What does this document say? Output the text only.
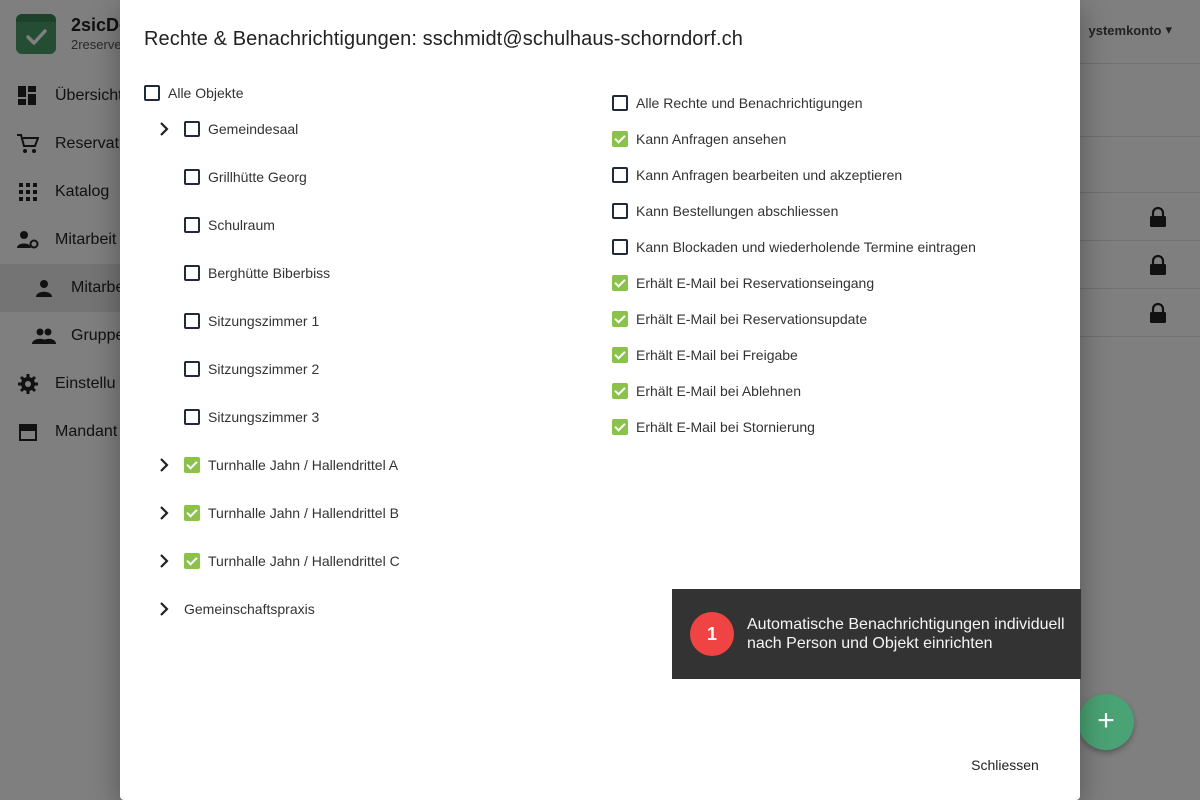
+
Rechte & Benachrichtigungen: sschmidt@schulhaus-schorndorf.ch
Alle Objekte
Schliessen
Gemeindesaal
Grillhütte Georg
Schulraum
Berghütte Biberbiss
Sitzungszimmer 1
Sitzungszimmer 2
Sitzungszimmer 3
Turnhalle Jahn / Hallendrittel A
Turnhalle Jahn / Hallendrittel B
Turnhalle Jahn / Hallendrittel C
Gemeinschaftspraxis
Alle Rechte und Benachrichtigungen
Kann Anfragen ansehen
Kann Anfragen bearbeiten und akzeptieren
Kann Bestellungen abschliessen
Kann Blockaden und wiederholende Termine eintragen
Erhält E-Mail bei Reservationseingang
Erhält E-Mail bei Reservationsupdate
Erhält E-Mail bei Freigabe
Erhält E-Mail bei Ablehnen
Erhält E-Mail bei Stornierung
1	Automatische Benachrichtigungen individuell nach Person und Objekt einrichten
